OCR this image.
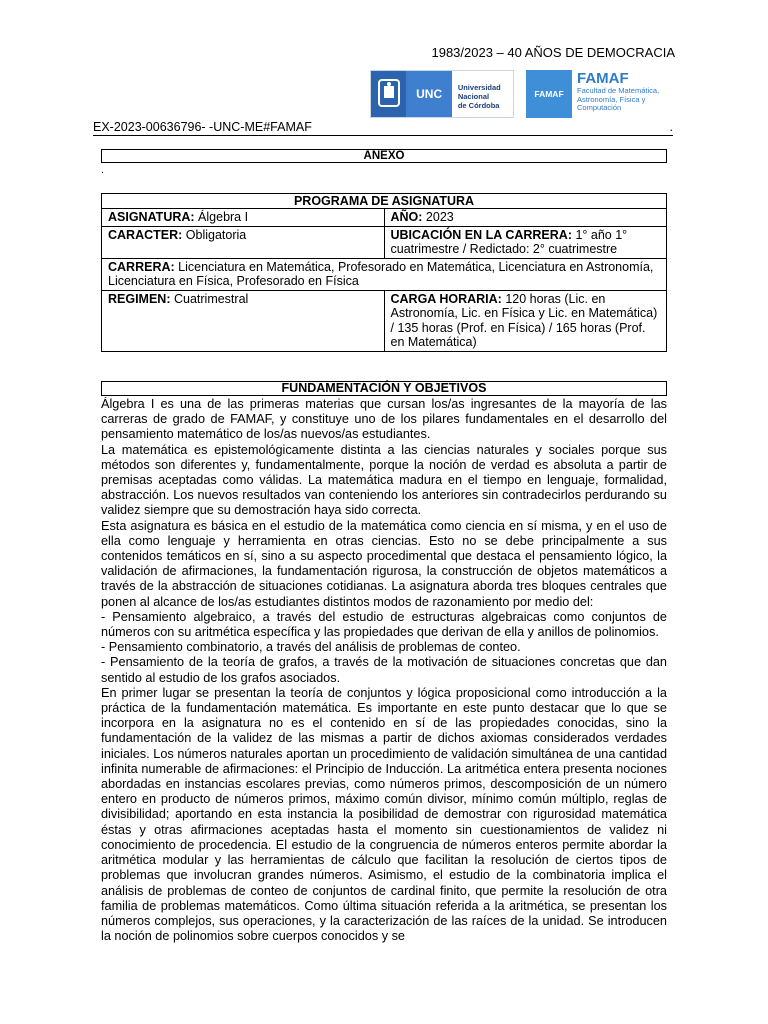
1983/2023 – 40 AÑOS DE DEMOCRACIA
UNC	Universidad
Nacional
de Córdoba
FAMAF
FAMAF
Facultad de Matemática,
Astronomía, Física y
Computación
EX-2023-00636796- -UNC-ME#FAMAF	.
ANEXO
.
PROGRAMA DE ASIGNATURA	
ASIGNATURA: Álgebra I	AÑO: 2023
CARACTER: Obligatoria	UBICACIÓN EN LA CARRERA: 1° año 1° cuatrimestre / Redictado: 2° cuatrimestre
CARRERA: Licenciatura en Matemática, Profesorado en Matemática, Licenciatura en Astronomía, Licenciatura en Física, Profesorado en Física	
REGIMEN: Cuatrimestral	CARGA HORARIA: 120 horas (Lic. en Astronomía, Lic. en Física y Lic. en Matemática) / 135 horas (Prof. en Física) / 165 horas (Prof. en Matemática)
FUNDAMENTACIÓN Y OBJETIVOS

Álgebra I es una de las primeras materias que cursan los/as ingresantes de la mayoría de las carreras de grado de FAMAF, y constituye uno de los pilares fundamentales en el desarrollo del pensamiento matemático de los/as nuevos/as estudiantes.

La matemática es epistemológicamente distinta a las ciencias naturales y sociales porque sus métodos son diferentes y, fundamentalmente, porque la noción de verdad es absoluta a partir de premisas aceptadas como válidas. La matemática madura en el tiempo en lenguaje, formalidad, abstracción. Los nuevos resultados van conteniendo los anteriores sin contradecirlos perdurando su validez siempre que su demostración haya sido correcta.

Esta asignatura es básica en el estudio de la matemática como ciencia en sí misma, y en el uso de ella como lenguaje y herramienta en otras ciencias. Esto no se debe principalmente a sus contenidos temáticos en sí, sino a su aspecto procedimental que destaca el pensamiento lógico, la validación de afirmaciones, la fundamentación rigurosa, la construcción de objetos matemáticos a través de la abstracción de situaciones cotidianas. La asignatura aborda tres bloques centrales que ponen al alcance de los/as estudiantes distintos modos de razonamiento por medio del:

- Pensamiento algebraico, a través del estudio de estructuras algebraicas como conjuntos de números con su aritmética específica y las propiedades que derivan de ella y anillos de polinomios.

- Pensamiento combinatorio, a través del análisis de problemas de conteo.

- Pensamiento de la teoría de grafos, a través de la motivación de situaciones concretas que dan sentido al estudio de los grafos asociados.

En primer lugar se presentan la teoría de conjuntos y lógica proposicional como introducción a la práctica de la fundamentación matemática. Es importante en este punto destacar que lo que se incorpora en la asignatura no es el contenido en sí de las propiedades conocidas, sino la fundamentación de la validez de las mismas a partir de dichos axiomas considerados verdades iniciales. Los números naturales aportan un procedimiento de validación simultánea de una cantidad infinita numerable de afirmaciones: el Principio de Inducción. La aritmética entera presenta nociones abordadas en instancias escolares previas, como números primos, descomposición de un número entero en producto de números primos, máximo común divisor, mínimo común múltiplo, reglas de divisibilidad; aportando en esta instancia la posibilidad de demostrar con rigurosidad matemática éstas y otras afirmaciones aceptadas hasta el momento sin cuestionamientos de validez ni conocimiento de procedencia. El estudio de la congruencia de números enteros permite abordar la aritmética modular y las herramientas de cálculo que facilitan la resolución de ciertos tipos de problemas que involucran grandes números. Asimismo, el estudio de la combinatoria implica el análisis de problemas de conteo de conjuntos de cardinal finito, que permite la resolución de otra familia de problemas matemáticos. Como última situación referida a la aritmética, se presentan los números complejos, sus operaciones, y la caracterización de las raíces de la unidad. Se introducen la noción de polinomios sobre cuerpos conocidos y se
